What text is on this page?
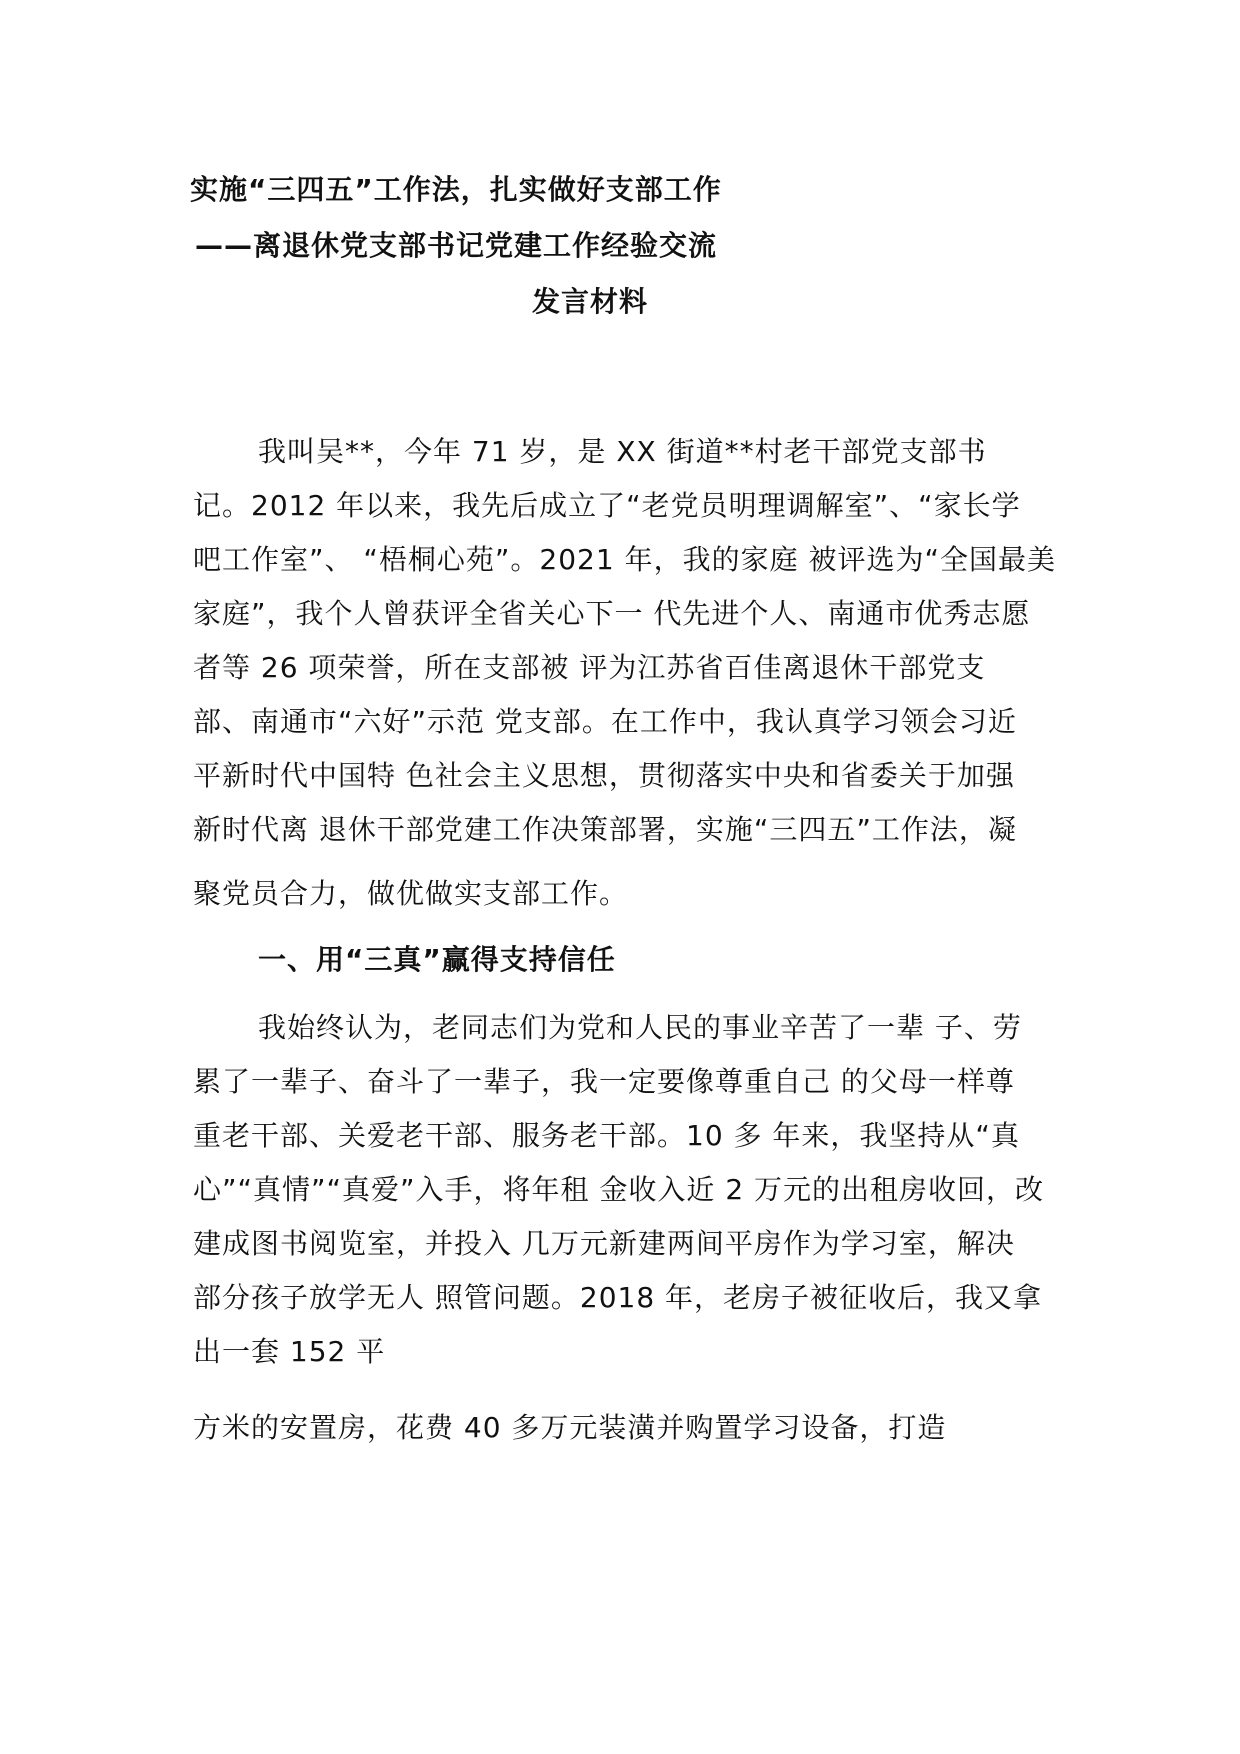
实施“三四五”工作法，扎实做好支部工作
——离退休党支部书记党建工作经验交流
发言材料
我叫吴**，今年 71 岁，是 XX 街道**村老干部党支部书
记。2012 年以来，我先后成立了“老党员明理调解室”、“家长学
吧工作室”、 “梧桐心苑”。2021 年，我的家庭 被评选为“全国最美
家庭”，我个人曾获评全省关心下一 代先进个人、南通市优秀志愿
者等 26 项荣誉，所在支部被 评为江苏省百佳离退休干部党支
部、南通市“六好”示范 党支部。在工作中，我认真学习领会习近
平新时代中国特 色社会主义思想，贯彻落实中央和省委关于加强
新时代离 退休干部党建工作决策部署，实施“三四五”工作法，凝
聚党员合力，做优做实支部工作。
一、用“三真”赢得支持信任
我始终认为，老同志们为党和人民的事业辛苦了一辈 子、劳
累了一辈子、奋斗了一辈子，我一定要像尊重自己 的父母一样尊
重老干部、关爱老干部、服务老干部。10 多 年来，我坚持从“真
心”“真情”“真爱”入手，将年租 金收入近 2 万元的出租房收回，改
建成图书阅览室，并投入 几万元新建两间平房作为学习室，解决
部分孩子放学无人 照管问题。2018 年，老房子被征收后，我又拿
出一套 152 平
方米的安置房，花费 40 多万元装潢并购置学习设备，打造
